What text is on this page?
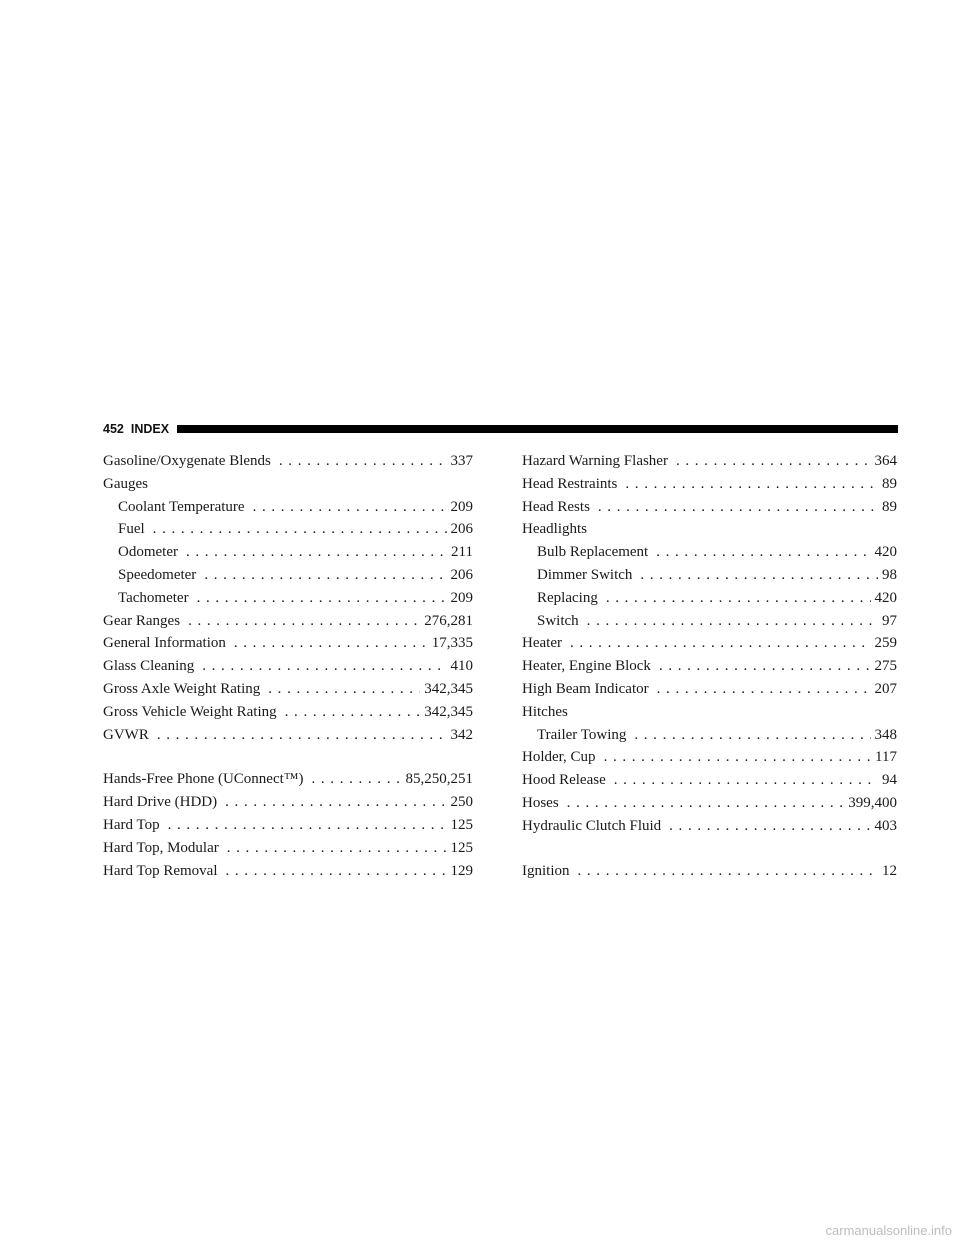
452 INDEX
Gasoline/Oxygenate Blends . . .	337
Gauges
Coolant Temperature . . .	209
Fuel . . .	206
Odometer . . .	211
Speedometer . . .	206
Tachometer . . .	209
Gear Ranges . . .	276,281
General Information . . .	17,335
Glass Cleaning . . .	410
Gross Axle Weight Rating . . .	342,345
Gross Vehicle Weight Rating . . .	342,345
GVWR . . .	342
Hands-Free Phone (UConnect™) . . .	85,250,251
Hard Drive (HDD) . . .	250
Hard Top . . .	125
Hard Top, Modular . . .	125
Hard Top Removal . . .	129
Hazard Warning Flasher . . .	364
Head Restraints . . .	89
Head Rests . . .	89
Headlights
Bulb Replacement . . .	420
Dimmer Switch . . .	98
Replacing . . .	420
Switch . . .	97
Heater . . .	259
Heater, Engine Block . . .	275
High Beam Indicator . . .	207
Hitches
Trailer Towing . . .	348
Holder, Cup . . .	117
Hood Release . . .	94
Hoses . . .	399,400
Hydraulic Clutch Fluid . . .	403
Ignition . . .	12
carmanualsonline.info
